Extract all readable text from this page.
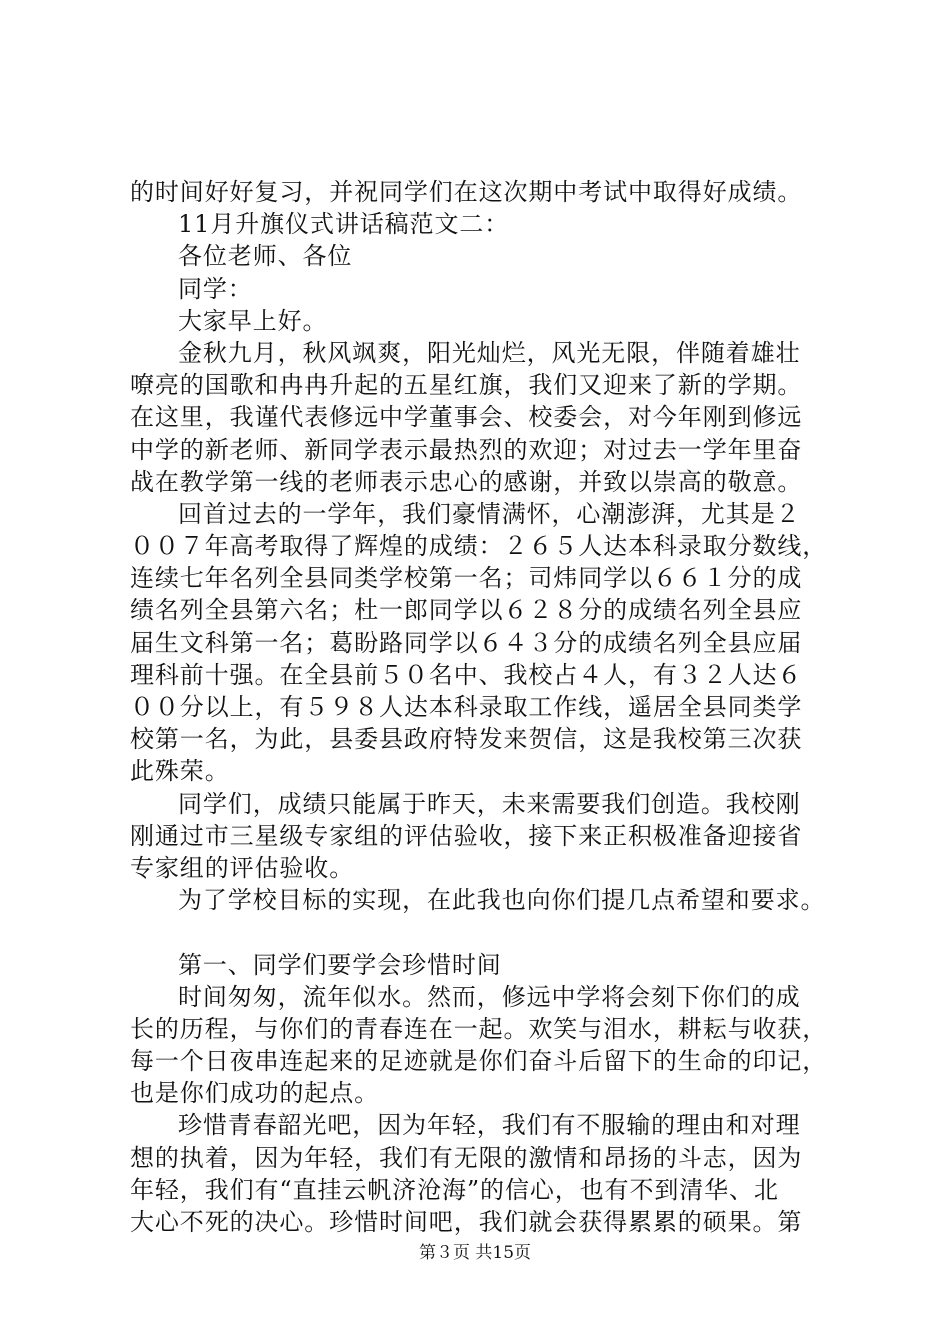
的时间好好复习，并祝同学们在这次期中考试中取得好成绩。
11月升旗仪式讲话稿范文二：
各位老师、各位
同学：
大家早上好。
金秋九月，秋风飒爽，阳光灿烂，风光无限，伴随着雄壮
嘹亮的国歌和冉冉升起的五星红旗，我们又迎来了新的学期。
在这里，我谨代表修远中学董事会、校委会，对今年刚到修远
中学的新老师、新同学表示最热烈的欢迎；对过去一学年里奋
战在教学第一线的老师表示忠心的感谢，并致以崇高的敬意。
回首过去的一学年，我们豪情满怀，心潮澎湃，尤其是２
００７年高考取得了辉煌的成绩：２６５人达本科录取分数线，
连续七年名列全县同类学校第一名；司炜同学以６６１分的成
绩名列全县第六名；杜一郎同学以６２８分的成绩名列全县应
届生文科第一名；葛盼路同学以６４３分的成绩名列全县应届
理科前十强。在全县前５０名中、我校占４人，有３２人达６
００分以上，有５９８人达本科录取工作线，遥居全县同类学
校第一名，为此，县委县政府特发来贺信，这是我校第三次获
此殊荣。
同学们，成绩只能属于昨天，未来需要我们创造。我校刚
刚通过市三星级专家组的评估验收，接下来正积极准备迎接省
专家组的评估验收。
为了学校目标的实现，在此我也向你们提几点希望和要求。
第一、同学们要学会珍惜时间
时间匆匆，流年似水。然而，修远中学将会刻下你们的成
长的历程，与你们的青春连在一起。欢笑与泪水，耕耘与收获，
每一个日夜串连起来的足迹就是你们奋斗后留下的生命的印记，
也是你们成功的起点。
珍惜青春韶光吧，因为年轻，我们有不服输的理由和对理
想的执着，因为年轻，我们有无限的激情和昂扬的斗志，因为
年轻，我们有“直挂云帆济沧海”的信心，也有不到清华、北
大心不死的决心。珍惜时间吧，我们就会获得累累的硕果。第
第３页 共15页
